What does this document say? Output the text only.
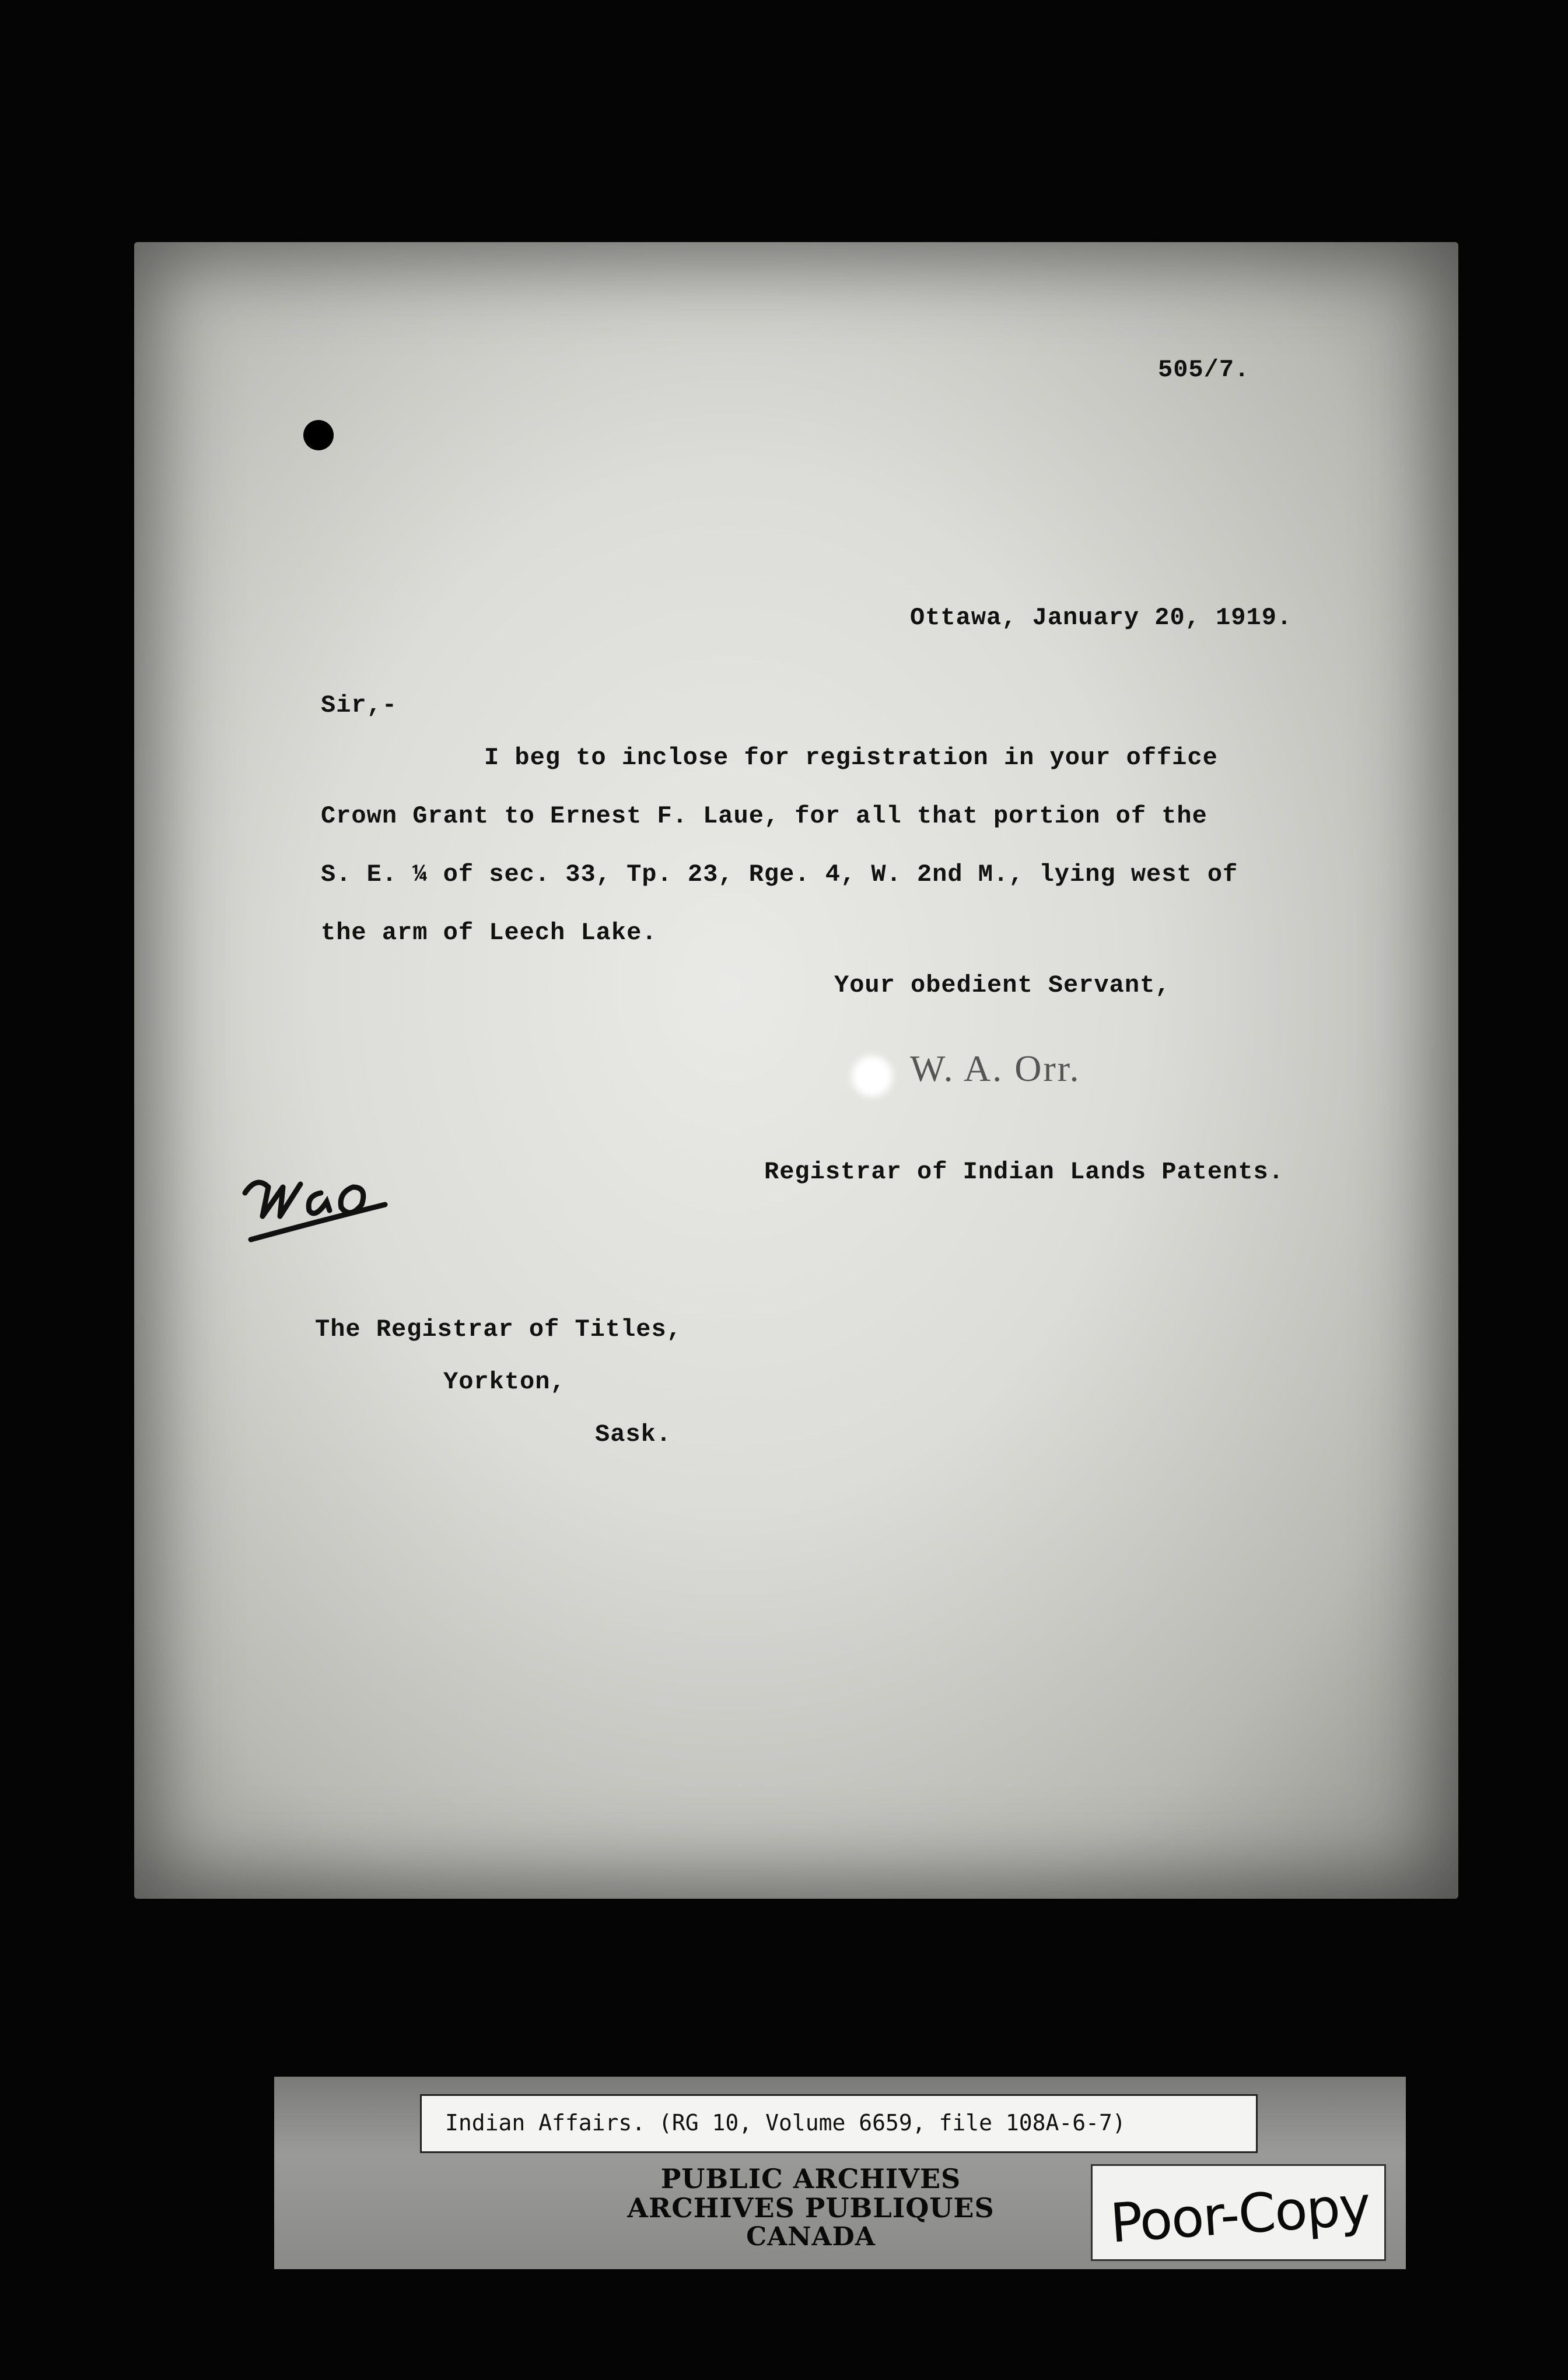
505/7.
Ottawa, January 20, 1919.
Sir,-
I beg to inclose for registration in your office
Crown Grant to Ernest F. Laue, for all that portion of the
S. E. ¼ of sec. 33, Tp. 23, Rge. 4, W. 2nd M., lying west of
the arm of Leech Lake.
Your obedient Servant,
W. A. Orr.
Registrar of Indian Lands Patents.
The Registrar of Titles,
Yorkton,
Sask.
Indian Affairs. (RG 10, Volume 6659, file 108A-6-7)
PUBLIC ARCHIVES
ARCHIVES PUBLIQUES
CANADA	Poor-Copy
